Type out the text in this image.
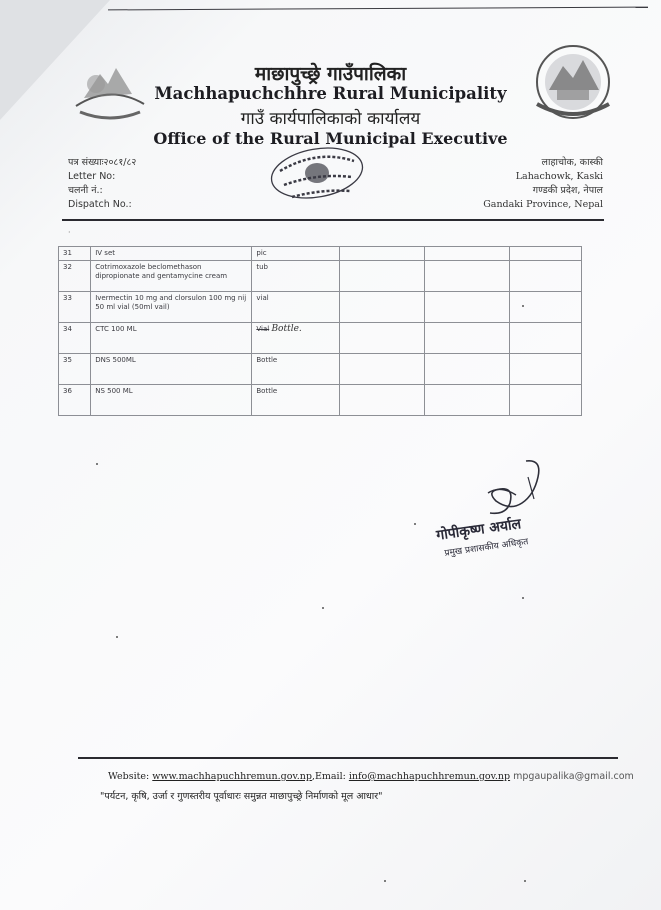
माछापुच्छ्रे गाउँपालिका
Machhapuchchhre Rural Municipality
गाउँ कार्यपालिकाको कार्यालय
Office of the Rural Municipal Executive
पत्र संख्याः२०८१/८२
Letter No:
चलनी नं.:
Dispatch No.:
लाहाचोक, कास्की
Lahachowk, Kaski
गण्डकी प्रदेश, नेपाल
Gandaki Province, Nepal
·
31	IV set	pic			
32	Cotrimoxazole beclomethason dipropionate and gentamycine cream	tub			
33	Ivermectin 10 mg and clorsulon 100 mg nij 50 ml vial (50ml vail)	vial			
34	CTC 100 ML	Vial Bottle.			
35	DNS 500ML	Bottle			
36	NS 500 ML	Bottle			
गोपीकृष्ण अर्याल
प्रमुख प्रशासकीय अधिकृत
Website: www.machhapuchhremun.gov.np,Email: info@machhapuchhremun.gov.np mpgaupalika@gmail.com
"पर्यटन, कृषि, उर्जा र गुणस्तरीय पूर्वाधारः समुन्नत माछापुच्छ्रे निर्माणको मूल आधार"
